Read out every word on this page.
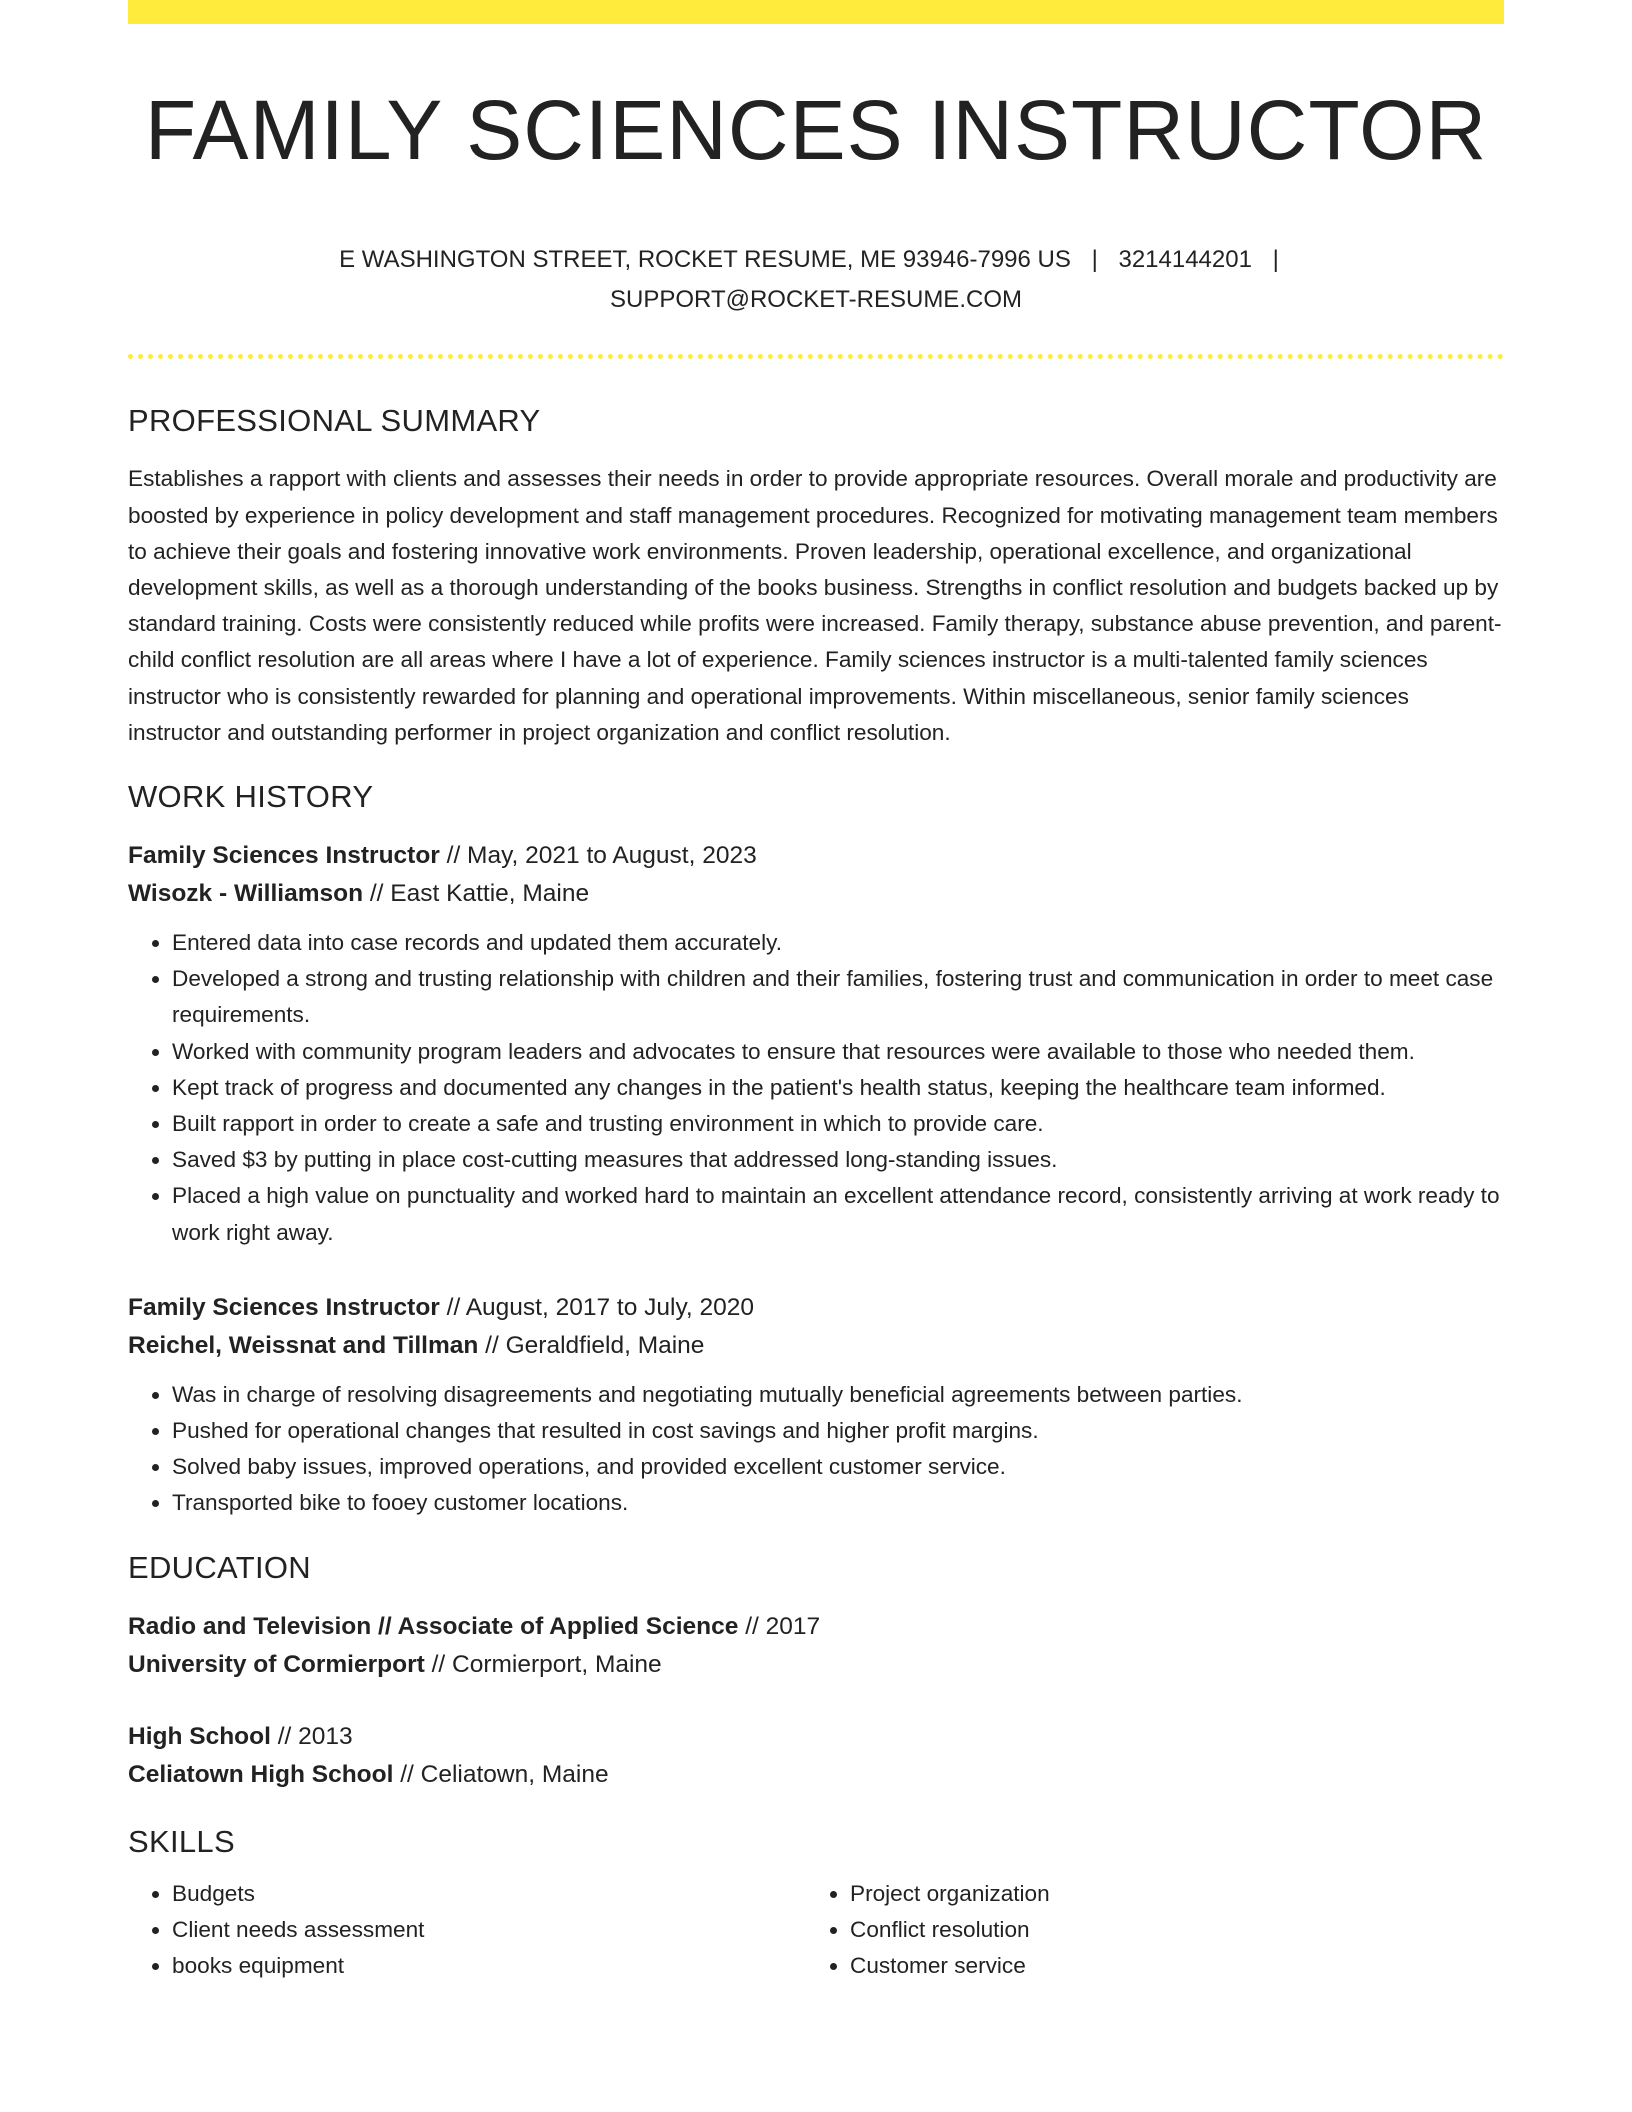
FAMILY SCIENCES INSTRUCTOR
E WASHINGTON STREET, ROCKET RESUME, ME 93946-7996 US | 3214144201 |
SUPPORT@ROCKET-RESUME.COM
PROFESSIONAL SUMMARY

Establishes a rapport with clients and assesses their needs in order to provide appropriate resources. Overall morale and productivity are boosted by experience in policy development and staff management procedures. Recognized for motivating management team members to achieve their goals and fostering innovative work environments. Proven leadership, operational excellence, and organizational development skills, as well as a thorough understanding of the books business. Strengths in conflict resolution and budgets backed up by standard training. Costs were consistently reduced while profits were increased. Family therapy, substance abuse prevention, and parent-child conflict resolution are all areas where I have a lot of experience. Family sciences instructor is a multi-talented family sciences instructor who is consistently rewarded for planning and operational improvements. Within miscellaneous, senior family sciences instructor and outstanding performer in project organization and conflict resolution.

WORK HISTORY
Family Sciences Instructor // May, 2021 to August, 2023
Wisozk - Williamson // East Kattie, Maine
• Entered data into case records and updated them accurately.
• Developed a strong and trusting relationship with children and their families, fostering trust and communication in order to meet case requirements.
• Worked with community program leaders and advocates to ensure that resources were available to those who needed them.
• Kept track of progress and documented any changes in the patient's health status, keeping the healthcare team informed.
• Built rapport in order to create a safe and trusting environment in which to provide care.
• Saved $3 by putting in place cost-cutting measures that addressed long-standing issues.
• Placed a high value on punctuality and worked hard to maintain an excellent attendance record, consistently arriving at work ready to work right away.
Family Sciences Instructor // August, 2017 to July, 2020
Reichel, Weissnat and Tillman // Geraldfield, Maine
• Was in charge of resolving disagreements and negotiating mutually beneficial agreements between parties.
• Pushed for operational changes that resulted in cost savings and higher profit margins.
• Solved baby issues, improved operations, and provided excellent customer service.
• Transported bike to fooey customer locations.
EDUCATION
Radio and Television // Associate of Applied Science // 2017
University of Cormierport // Cormierport, Maine
High School // 2013
Celiatown High School // Celiatown, Maine
SKILLS
• Budgets
• Client needs assessment
• books equipment
• Project organization
• Conflict resolution
• Customer service
